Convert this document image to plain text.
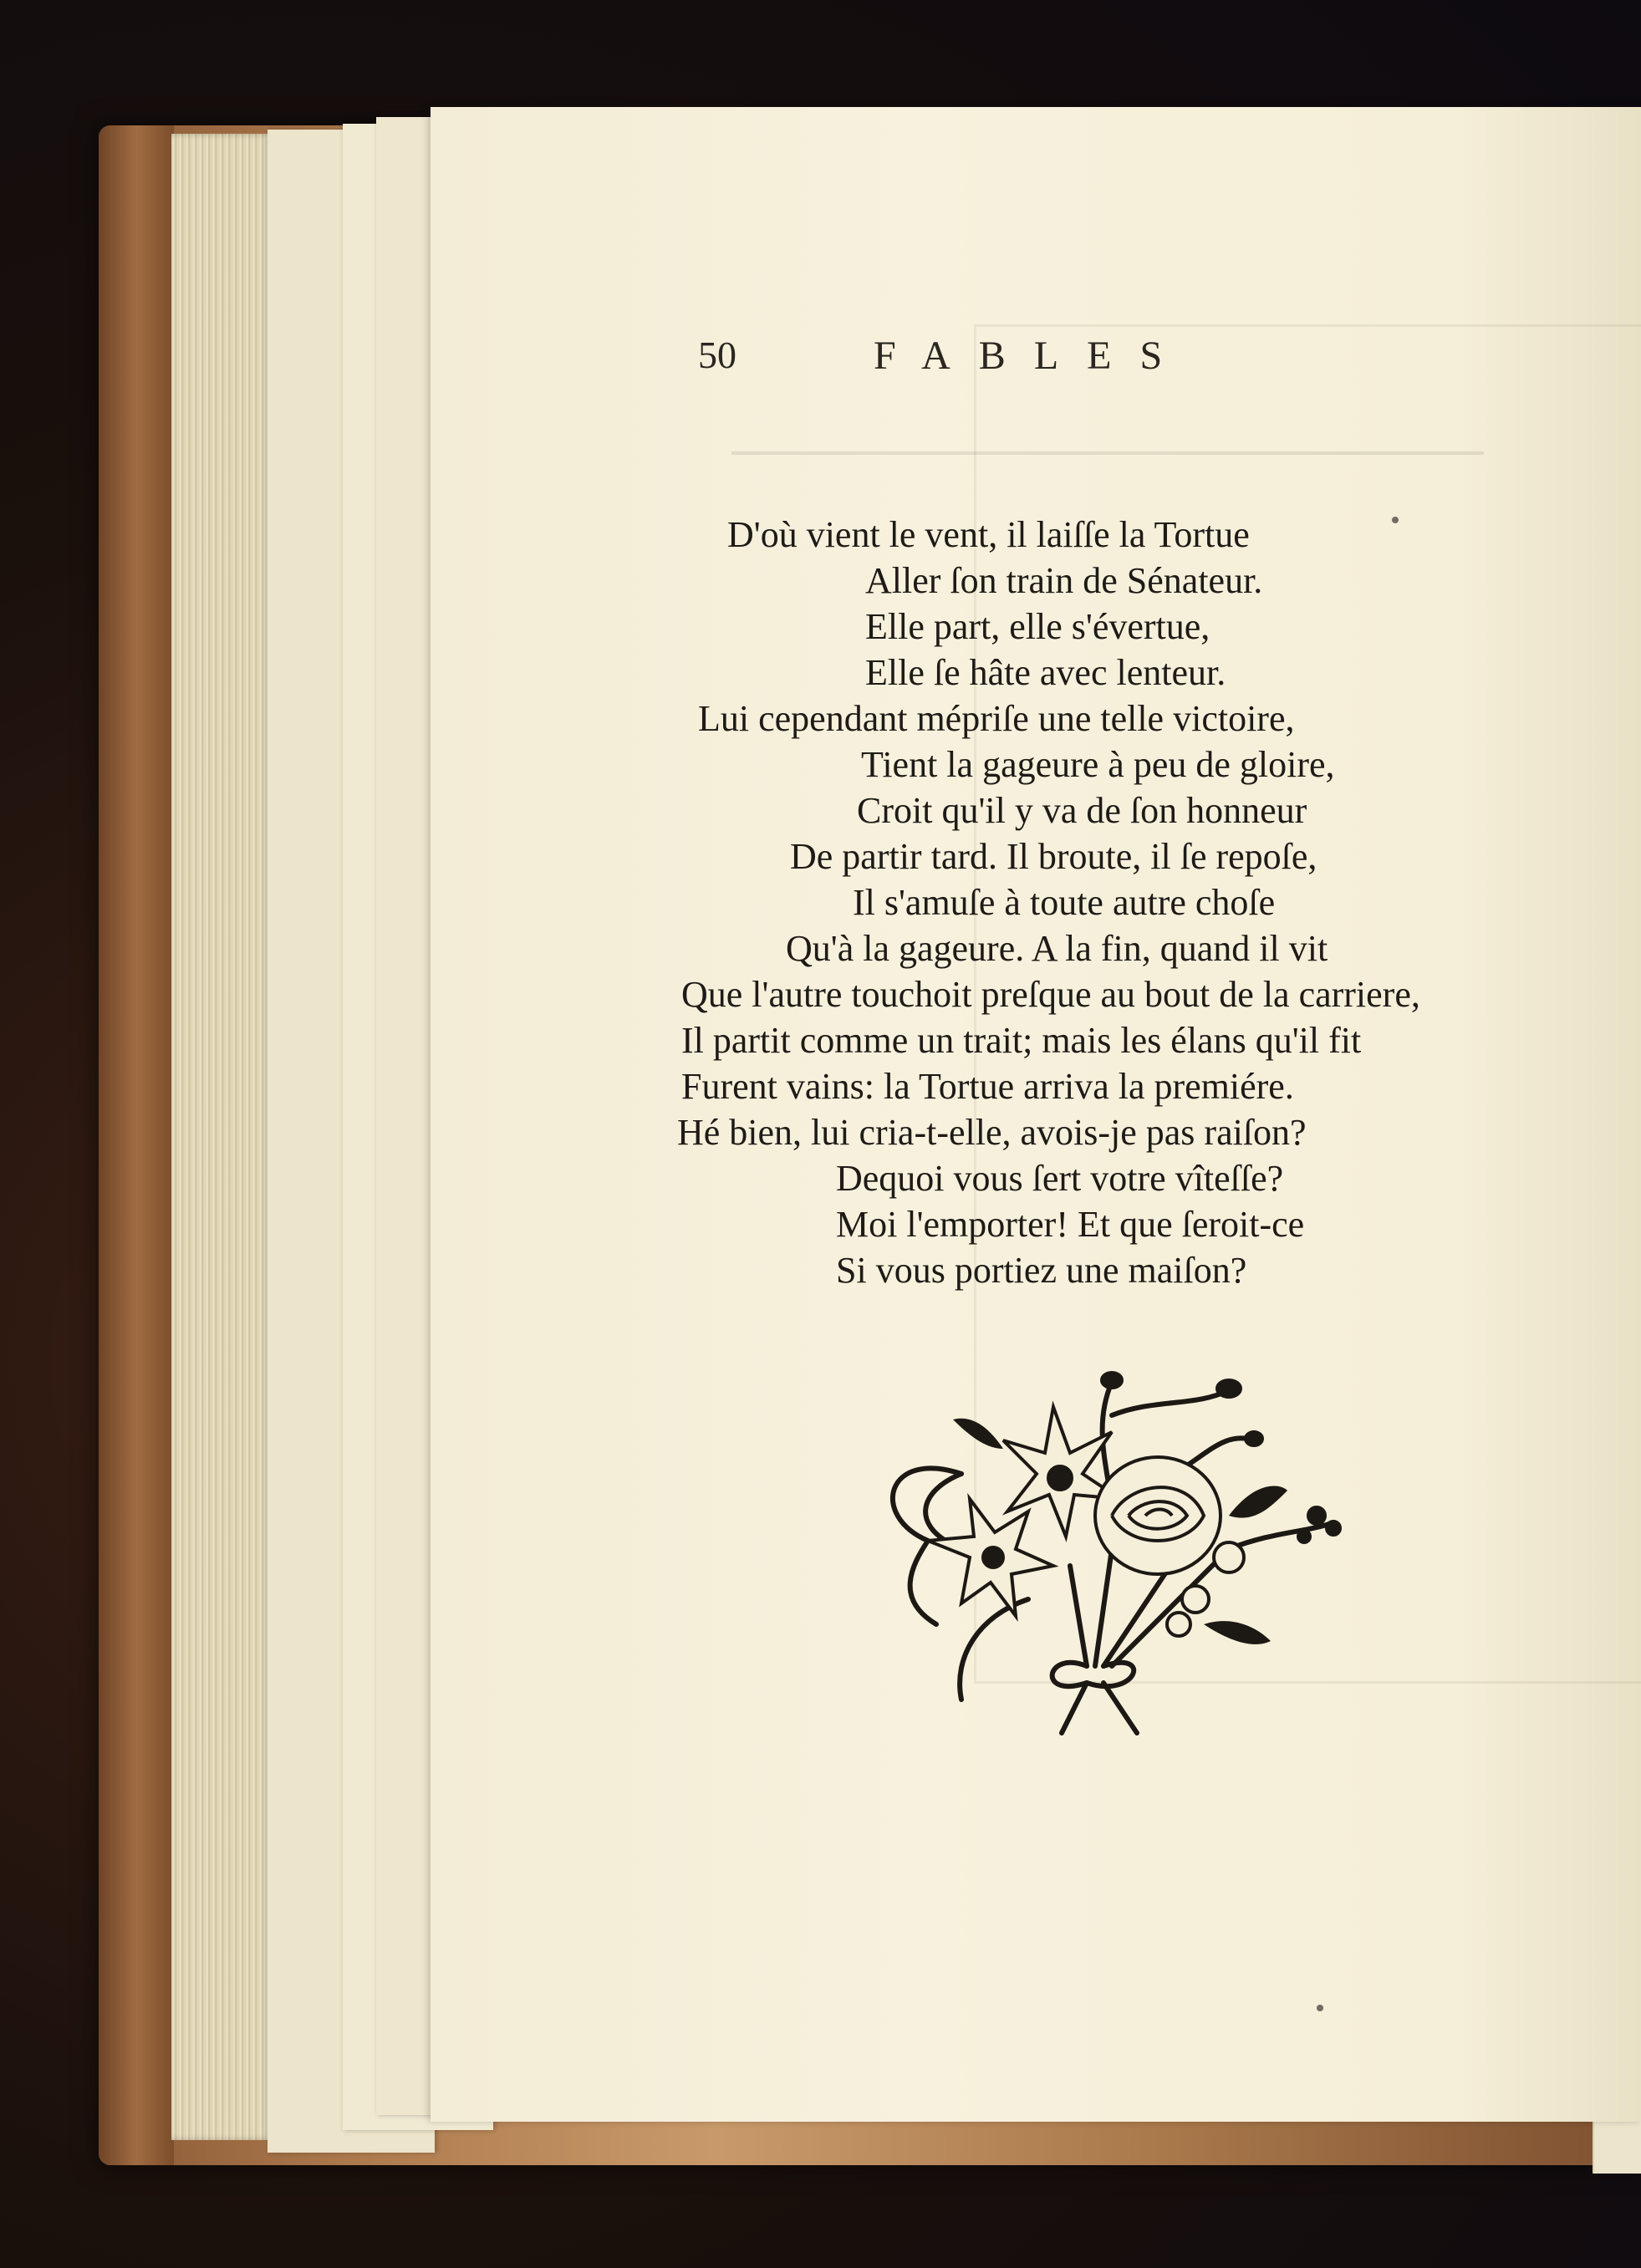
50	FABLES
D'où vient le vent, il laiſſe la Tortue
Aller ſon train de Sénateur.
Elle part, elle s'évertue,
Elle ſe hâte avec lenteur.
Lui cependant mépriſe une telle victoire,
Tient la gageure à peu de gloire,
Croit qu'il y va de ſon honneur
De partir tard. Il broute, il ſe repoſe,
Il s'amuſe à toute autre choſe
Qu'à la gageure. A la fin, quand il vit
Que l'autre touchoit preſque au bout de la carriere,
Il partit comme un trait; mais les élans qu'il fit
Furent vains: la Tortue arriva la premiére.
Hé bien, lui cria-t-elle, avois-je pas raiſon?
Dequoi vous ſert votre vîteſſe?
Moi l'emporter! Et que ſeroit-ce
Si vous portiez une maiſon?
